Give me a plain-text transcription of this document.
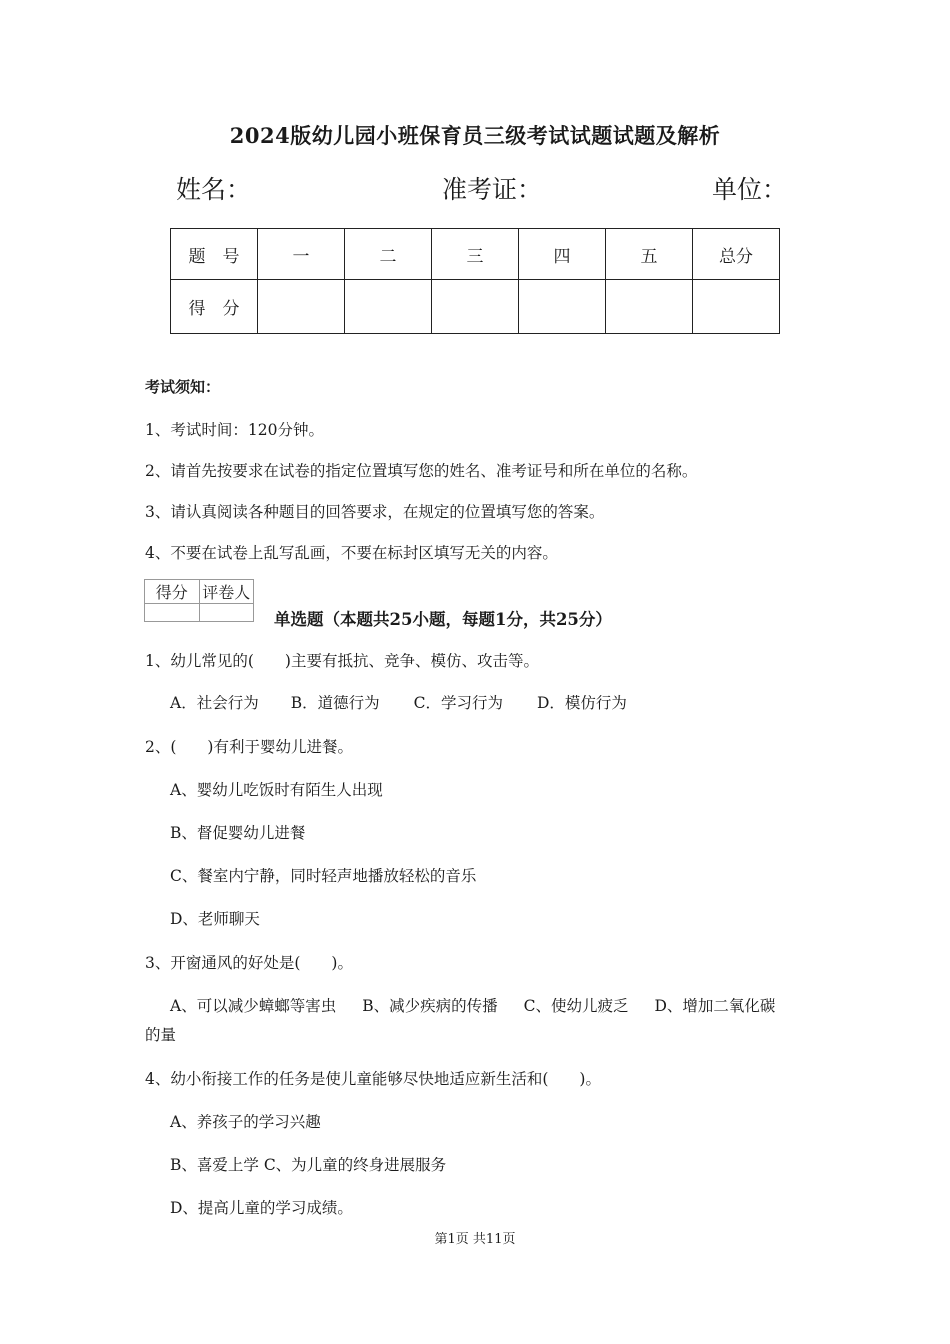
2024版幼儿园小班保育员三级考试试题试题及解析
姓名：	准考证：	单位：
题　号	一	二	三	四	五	总分
得　分						
考试须知：
1、考试时间：120分钟。
2、请首先按要求在试卷的指定位置填写您的姓名、准考证号和所在单位的名称。
3、请认真阅读各种题目的回答要求，在规定的位置填写您的答案。
4、不要在试卷上乱写乱画，不要在标封区填写无关的内容。
得分	评卷人

单选题（本题共25小题，每题1分，共25分）
1、幼儿常见的(　　)主要有抵抗、竞争、模仿、攻击等。
A．社会行为 B．道德行为 C．学习行为 D．模仿行为
2、(　　)有利于婴幼儿进餐。
A、婴幼儿吃饭时有陌生人出现
B、督促婴幼儿进餐
C、餐室内宁静，同时轻声地播放轻松的音乐
D、老师聊天
3、开窗通风的好处是(　　)。
A、可以减少蟑螂等害虫 B、减少疾病的传播 C、使幼儿疲乏 D、增加二氧化碳
的量
4、幼小衔接工作的任务是使儿童能够尽快地适应新生活和(　　)。
A、养孩子的学习兴趣
B、喜爱上学 C、为儿童的终身进展服务
D、提高儿童的学习成绩。
第1页 共11页
